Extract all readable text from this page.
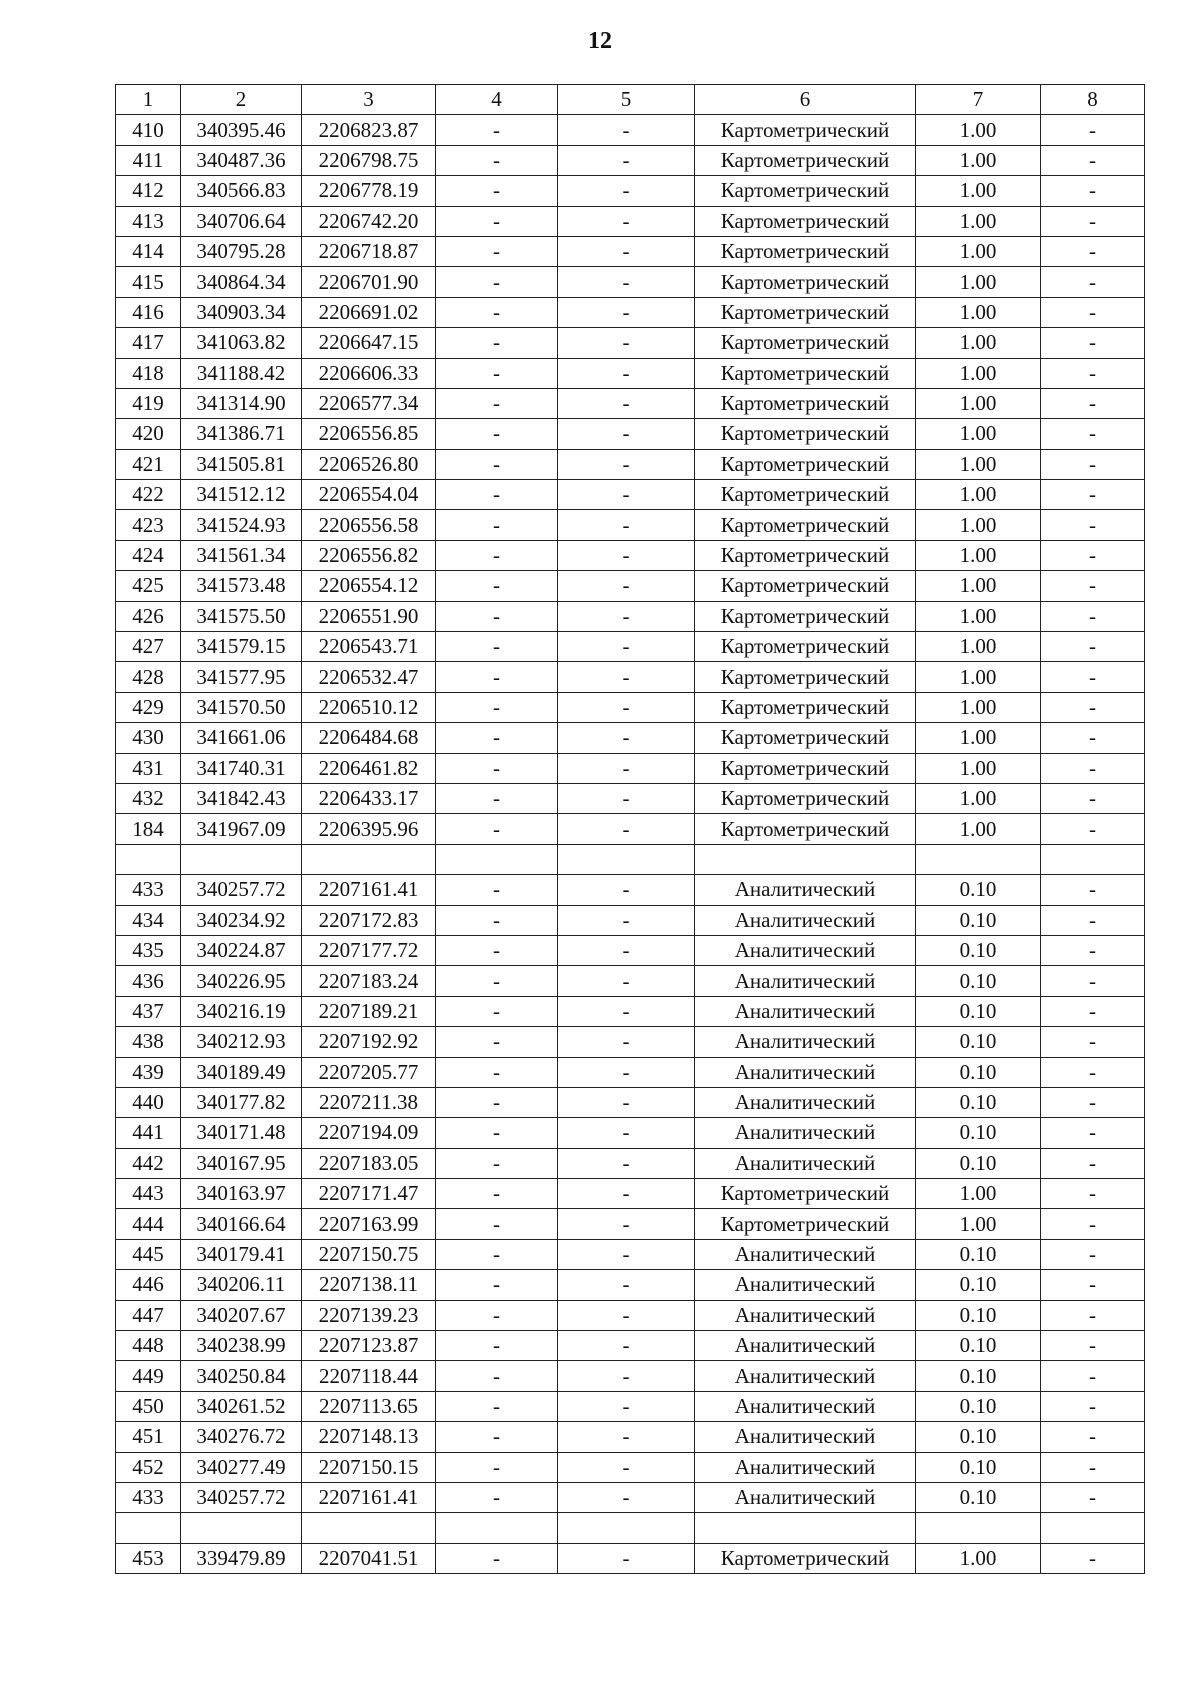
12
1	2	3	4	5	6	7	8
410	340395.46	2206823.87	-	-	Картометрический	1.00	-
411	340487.36	2206798.75	-	-	Картометрический	1.00	-
412	340566.83	2206778.19	-	-	Картометрический	1.00	-
413	340706.64	2206742.20	-	-	Картометрический	1.00	-
414	340795.28	2206718.87	-	-	Картометрический	1.00	-
415	340864.34	2206701.90	-	-	Картометрический	1.00	-
416	340903.34	2206691.02	-	-	Картометрический	1.00	-
417	341063.82	2206647.15	-	-	Картометрический	1.00	-
418	341188.42	2206606.33	-	-	Картометрический	1.00	-
419	341314.90	2206577.34	-	-	Картометрический	1.00	-
420	341386.71	2206556.85	-	-	Картометрический	1.00	-
421	341505.81	2206526.80	-	-	Картометрический	1.00	-
422	341512.12	2206554.04	-	-	Картометрический	1.00	-
423	341524.93	2206556.58	-	-	Картометрический	1.00	-
424	341561.34	2206556.82	-	-	Картометрический	1.00	-
425	341573.48	2206554.12	-	-	Картометрический	1.00	-
426	341575.50	2206551.90	-	-	Картометрический	1.00	-
427	341579.15	2206543.71	-	-	Картометрический	1.00	-
428	341577.95	2206532.47	-	-	Картометрический	1.00	-
429	341570.50	2206510.12	-	-	Картометрический	1.00	-
430	341661.06	2206484.68	-	-	Картометрический	1.00	-
431	341740.31	2206461.82	-	-	Картометрический	1.00	-
432	341842.43	2206433.17	-	-	Картометрический	1.00	-
184	341967.09	2206395.96	-	-	Картометрический	1.00	-

433	340257.72	2207161.41	-	-	Аналитический	0.10	-
434	340234.92	2207172.83	-	-	Аналитический	0.10	-
435	340224.87	2207177.72	-	-	Аналитический	0.10	-
436	340226.95	2207183.24	-	-	Аналитический	0.10	-
437	340216.19	2207189.21	-	-	Аналитический	0.10	-
438	340212.93	2207192.92	-	-	Аналитический	0.10	-
439	340189.49	2207205.77	-	-	Аналитический	0.10	-
440	340177.82	2207211.38	-	-	Аналитический	0.10	-
441	340171.48	2207194.09	-	-	Аналитический	0.10	-
442	340167.95	2207183.05	-	-	Аналитический	0.10	-
443	340163.97	2207171.47	-	-	Картометрический	1.00	-
444	340166.64	2207163.99	-	-	Картометрический	1.00	-
445	340179.41	2207150.75	-	-	Аналитический	0.10	-
446	340206.11	2207138.11	-	-	Аналитический	0.10	-
447	340207.67	2207139.23	-	-	Аналитический	0.10	-
448	340238.99	2207123.87	-	-	Аналитический	0.10	-
449	340250.84	2207118.44	-	-	Аналитический	0.10	-
450	340261.52	2207113.65	-	-	Аналитический	0.10	-
451	340276.72	2207148.13	-	-	Аналитический	0.10	-
452	340277.49	2207150.15	-	-	Аналитический	0.10	-
433	340257.72	2207161.41	-	-	Аналитический	0.10	-

453	339479.89	2207041.51	-	-	Картометрический	1.00	-
